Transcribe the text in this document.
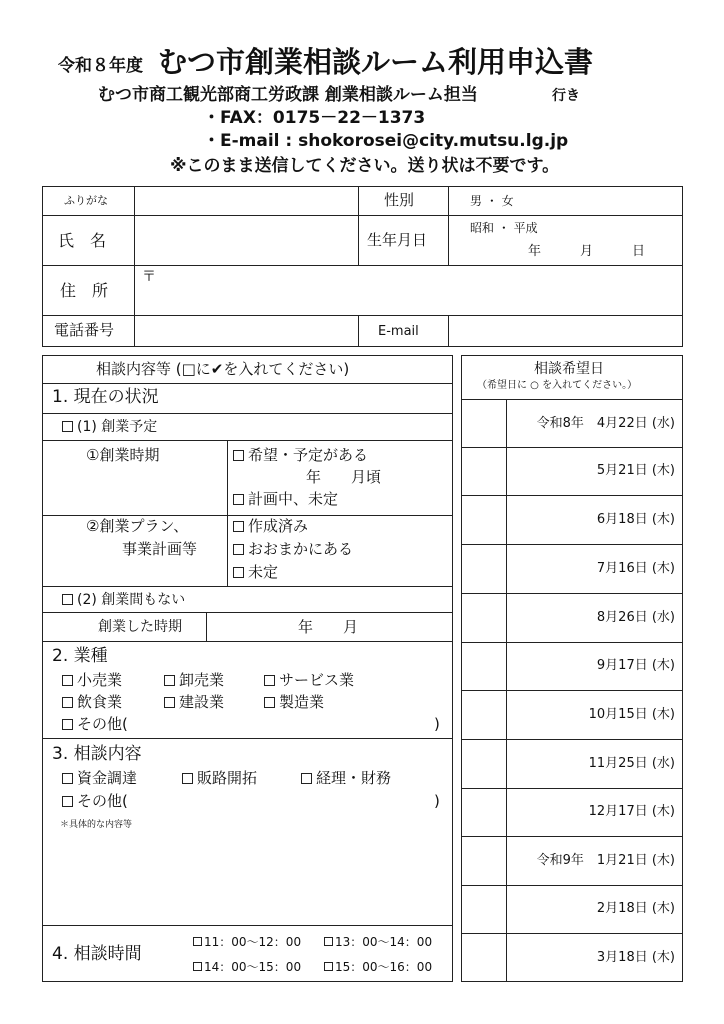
令和８年度 むつ市創業相談ルーム利用申込書
むつ市商工観光部商工労政課 創業相談ルーム担当	行き
・FAX：0175－22－1373
・E-mail : shokorosei@city.mutsu.lg.jp
※このまま送信してください。送り状は不要です。
ふりがな	性別	男 ・ 女
氏　名	生年月日
昭和 ・ 平成
年　　　月　　　日
住　所
〒
電話番号	E-mail
相談内容等 (□に✔を入れてください)
1. 現在の状況
(1) 創業予定
①創業時期	希望・予定がある
年　　月頃
計画中、未定
②創業プラン、
事業計画等
作成済み
おおまかにある
未定
(2) 創業間もない
創業した時期	年　　月
2. 業種
小売業	卸売業	サービス業
飲食業	建設業	製造業
その他(	)
3. 相談内容
資金調達	販路開拓	経理・財務
その他(	)
＊具体的な内容等
4. 相談時間
11：00～12：00	13：00～14：00
14：00～15：00	15：00～16：00
相談希望日
（希望日に ○ を入れてください。）
令和8年　4月22日 (水)
5月21日 (木)
6月18日 (木)
7月16日 (木)
8月26日 (水)
9月17日 (木)
10月15日 (木)
11月25日 (水)
12月17日 (木)
令和9年　1月21日 (木)
2月18日 (木)
3月18日 (木)
